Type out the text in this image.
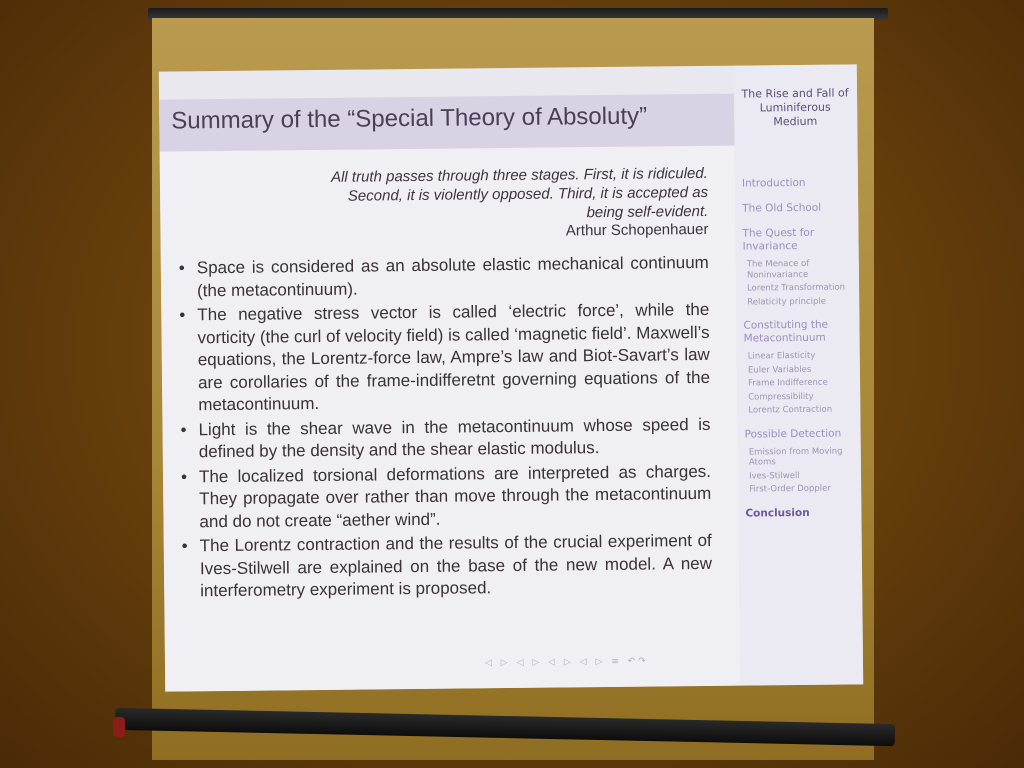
Summary of the “Special Theory of Absoluty”
The Rise and Fall of Luminiferous Medium
All truth passes through three stages. First, it is ridiculed. Second, it is violently opposed. Third, it is accepted as being self-evident.
Arthur Schopenhauer
• Space is considered as an absolute elastic mechanical continuum (the metacontinuum).
• The negative stress vector is called ‘electric force’, while the vorticity (the curl of velocity field) is called ‘magnetic field’. Maxwell’s equations, the Lorentz-force law, Ampre’s law and Biot-Savart’s law are corollaries of the frame-indifferetnt governing equations of the metacontinuum.
• Light is the shear wave in the metacontinuum whose speed is defined by the density and the shear elastic modulus.
• The localized torsional deformations are interpreted as charges. They propagate over rather than move through the metacontinuum and do not create “aether wind”.
• The Lorentz contraction and the results of the crucial experiment of Ives-Stilwell are explained on the base of the new model. A new interferometry experiment is proposed.
Introduction
The Old School
The Quest for Invariance
The Menace of Noninvariance
Lorentz Transformation
Relaticity principle
Constituting the Metacontinuum
Linear Elasticity
Euler Variables
Frame Indifference
Compressibility
Lorentz Contraction
Possible Detection
Emission from Moving Atoms
Ives-Stilwell
First-Order Doppler
Conclusion
◁ ▷ ◁ ▷ ◁ ▷ ◁ ▷ ≡ ↶↷
